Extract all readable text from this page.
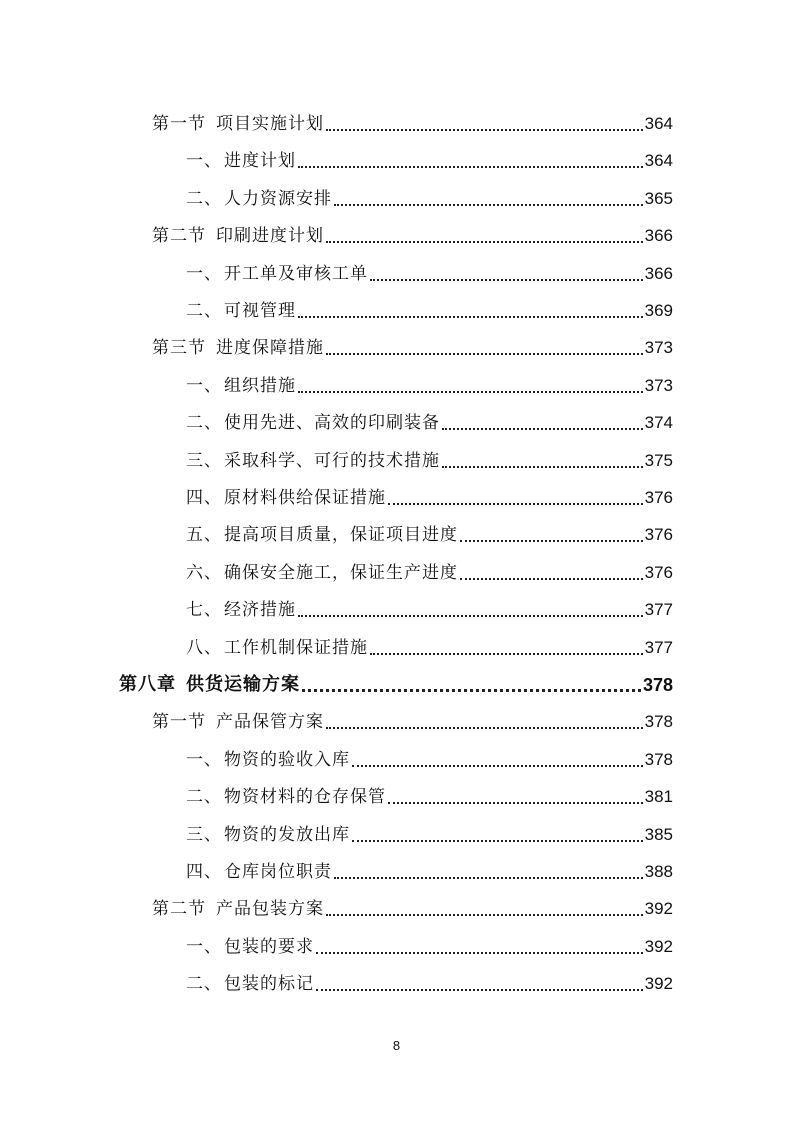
第一节 项目实施计划	364
一、 进度计划	364
二、 人力资源安排	365
第二节 印刷进度计划	366
一、 开工单及审核工单	366
二、 可视管理	369
第三节 进度保障措施	373
一、 组织措施	373
二、 使用先进、高效的印刷装备	374
三、 采取科学、可行的技术措施	375
四、 原材料供给保证措施	376
五、 提高项目质量，保证项目进度	376
六、 确保安全施工，保证生产进度	376
七、 经济措施	377
八、 工作机制保证措施	377
第八章 供货运输方案	378
第一节 产品保管方案	378
一、 物资的验收入库	378
二、 物资材料的仓存保管	381
三、 物资的发放出库	385
四、 仓库岗位职责	388
第二节 产品包装方案	392
一、 包装的要求	392
二、 包装的标记	392
8
